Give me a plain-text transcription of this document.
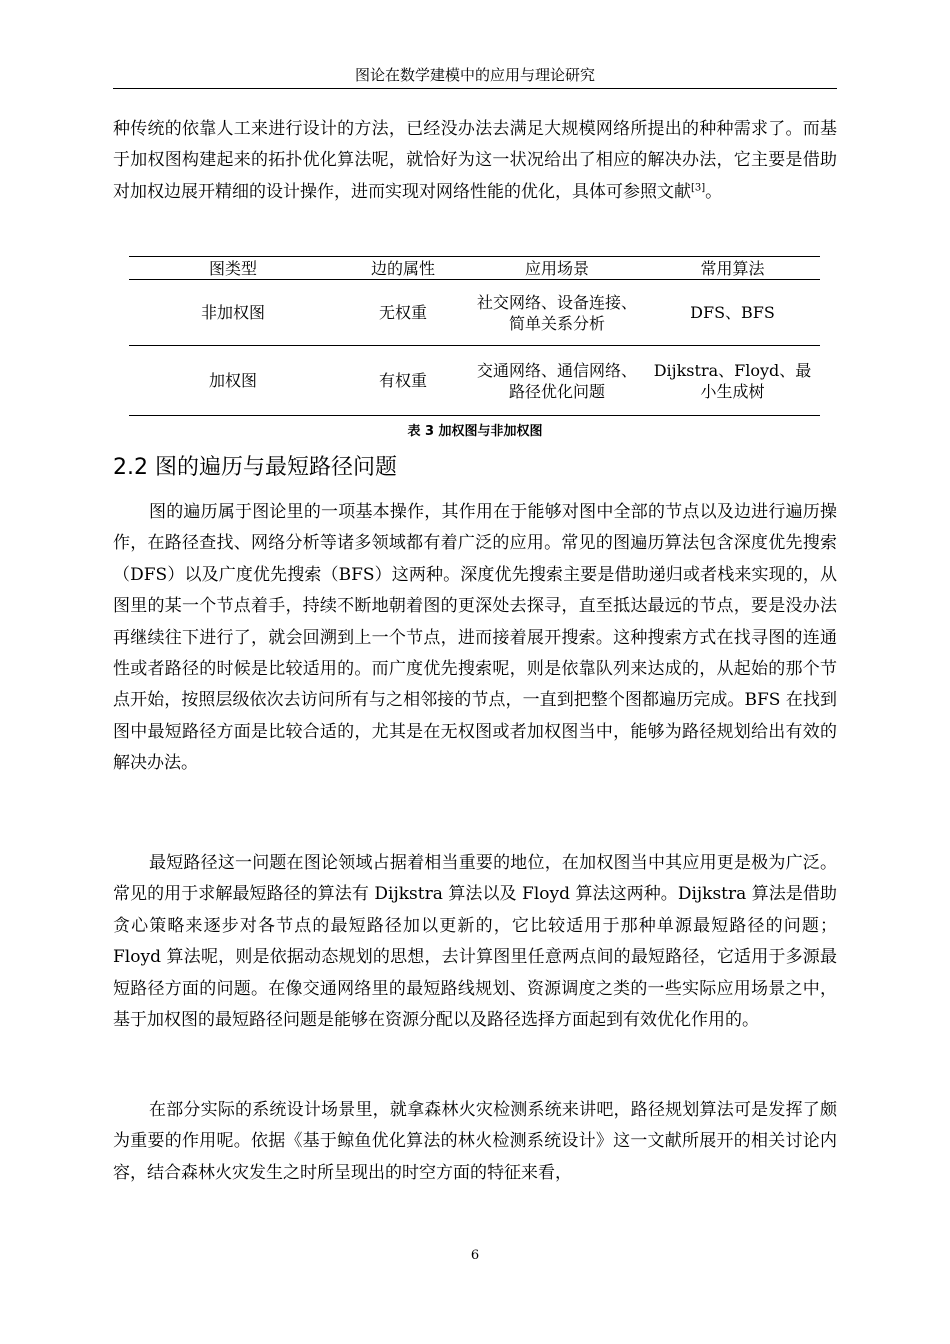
图论在数学建模中的应用与理论研究

种传统的依靠人工来进行设计的方法，已经没办法去满足大规模网络所提出的种种需求了。而基于加权图构建起来的拓扑优化算法呢，就恰好为这一状况给出了相应的解决办法，它主要是借助对加权边展开精细的设计操作，进而实现对网络性能的优化，具体可参照文献[3]。

图类型	边的属性	应用场景	常用算法
非加权图	无权重	社交网络、设备连接、简单关系分析	DFS、BFS
加权图	有权重	交通网络、通信网络、路径优化问题	Dijkstra、Floyd、最小生成树
表 3 加权图与非加权图
2.2 图的遍历与最短路径问题

图的遍历属于图论里的一项基本操作，其作用在于能够对图中全部的节点以及边进行遍历操作，在路径查找、网络分析等诸多领域都有着广泛的应用。常见的图遍历算法包含深度优先搜索（DFS）以及广度优先搜索（BFS）这两种。深度优先搜索主要是借助递归或者栈来实现的，从图里的某一个节点着手，持续不断地朝着图的更深处去探寻，直至抵达最远的节点，要是没办法再继续往下进行了，就会回溯到上一个节点，进而接着展开搜索。这种搜索方式在找寻图的连通性或者路径的时候是比较适用的。而广度优先搜索呢，则是依靠队列来达成的，从起始的那个节点开始，按照层级依次去访问所有与之相邻接的节点，一直到把整个图都遍历完成。BFS 在找到图中最短路径方面是比较合适的，尤其是在无权图或者加权图当中，能够为路径规划给出有效的解决办法。

最短路径这一问题在图论领域占据着相当重要的地位，在加权图当中其应用更是极为广泛。常见的用于求解最短路径的算法有 Dijkstra 算法以及 Floyd 算法这两种。Dijkstra 算法是借助贪心策略来逐步对各节点的最短路径加以更新的，它比较适用于那种单源最短路径的问题；Floyd 算法呢，则是依据动态规划的思想，去计算图里任意两点间的最短路径，它适用于多源最短路径方面的问题。在像交通网络里的最短路线规划、资源调度之类的一些实际应用场景之中，基于加权图的最短路径问题是能够在资源分配以及路径选择方面起到有效优化作用的。

在部分实际的系统设计场景里，就拿森林火灾检测系统来讲吧，路径规划算法可是发挥了颇为重要的作用呢。依据《基于鲸鱼优化算法的林火检测系统设计》这一文献所展开的相关讨论内容，结合森林火灾发生之时所呈现出的时空方面的特征来看，

6
